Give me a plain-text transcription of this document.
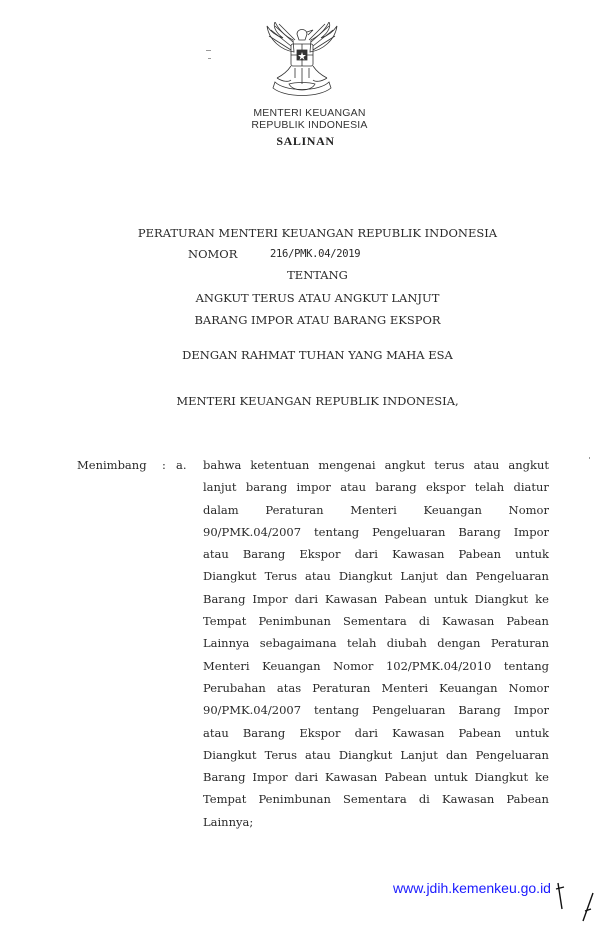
MENTERI KEUANGAN
REPUBLIK INDONESIA
SALINAN
PERATURAN MENTERI KEUANGAN REPUBLIK INDONESIA
NOMOR	216/PMK.04/2019
TENTANG
ANGKUT TERUS ATAU ANGKUT LANJUT
BARANG IMPOR ATAU BARANG EKSPOR
DENGAN RAHMAT TUHAN YANG MAHA ESA
MENTERI KEUANGAN REPUBLIK INDONESIA,
Menimbang : a. bahwa ketentuan mengenai angkut terus atau angkut
lanjut barang impor atau barang ekspor telah diatur
dalam Peraturan Menteri Keuangan Nomor
90/PMK.04/2007 tentang Pengeluaran Barang Impor
atau Barang Ekspor dari Kawasan Pabean untuk
Diangkut Terus atau Diangkut Lanjut dan Pengeluaran
Barang Impor dari Kawasan Pabean untuk Diangkut ke
Tempat Penimbunan Sementara di Kawasan Pabean
Lainnya sebagaimana telah diubah dengan Peraturan
Menteri Keuangan Nomor 102/PMK.04/2010 tentang
Perubahan atas Peraturan Menteri Keuangan Nomor
90/PMK.04/2007 tentang Pengeluaran Barang Impor
atau Barang Ekspor dari Kawasan Pabean untuk
Diangkut Terus atau Diangkut Lanjut dan Pengeluaran
Barang Impor dari Kawasan Pabean untuk Diangkut ke
Tempat Penimbunan Sementara di Kawasan Pabean
Lainnya;
www.jdih.kemenkeu.go.id
